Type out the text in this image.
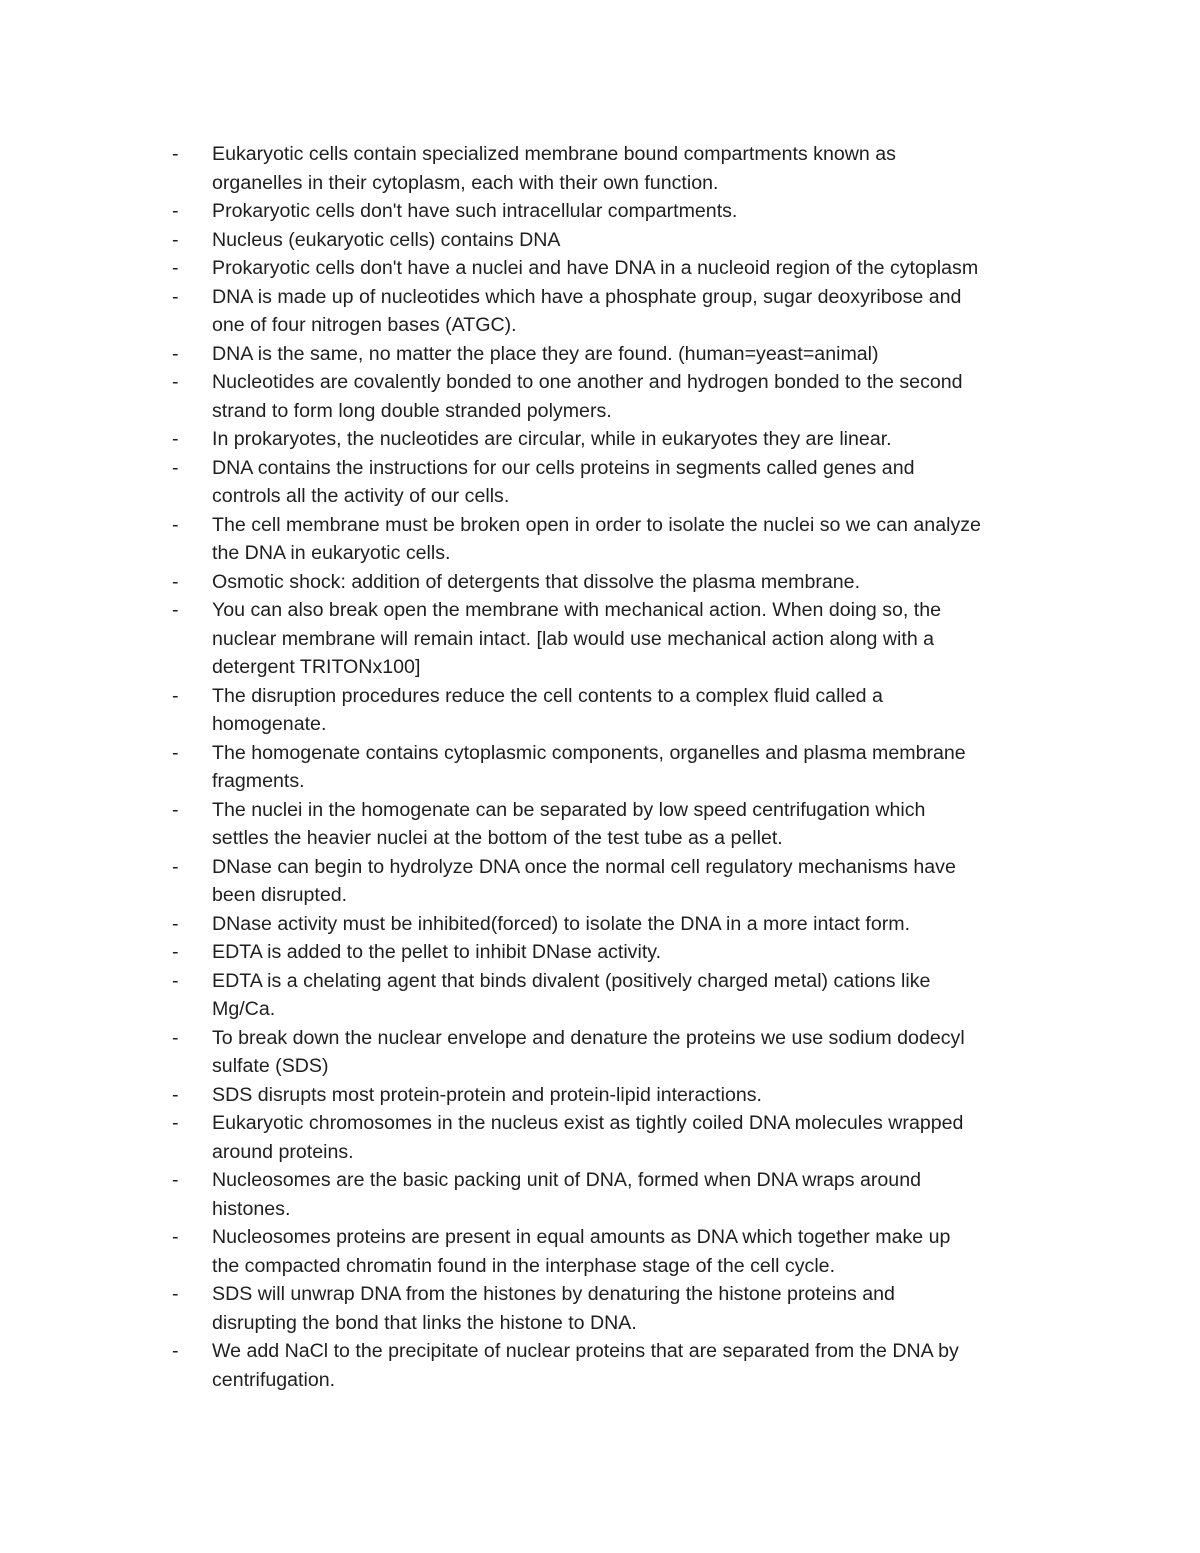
-	Eukaryotic cells contain specialized membrane bound compartments known as
organelles in their cytoplasm, each with their own function.
-	Prokaryotic cells don't have such intracellular compartments.
-	Nucleus (eukaryotic cells) contains DNA
-	Prokaryotic cells don't have a nuclei and have DNA in a nucleoid region of the cytoplasm
-	DNA is made up of nucleotides which have a phosphate group, sugar deoxyribose and
one of four nitrogen bases (ATGC).
-	DNA is the same, no matter the place they are found. (human=yeast=animal)
-	Nucleotides are covalently bonded to one another and hydrogen bonded to the second
strand to form long double stranded polymers.
-	In prokaryotes, the nucleotides are circular, while in eukaryotes they are linear.
-	DNA contains the instructions for our cells proteins in segments called genes and
controls all the activity of our cells.
-	The cell membrane must be broken open in order to isolate the nuclei so we can analyze
the DNA in eukaryotic cells.
-	Osmotic shock: addition of detergents that dissolve the plasma membrane.
-	You can also break open the membrane with mechanical action. When doing so, the
nuclear membrane will remain intact. [lab would use mechanical action along with a
detergent TRITONx100]
-	The disruption procedures reduce the cell contents to a complex fluid called a
homogenate.
-	The homogenate contains cytoplasmic components, organelles and plasma membrane
fragments.
-	The nuclei in the homogenate can be separated by low speed centrifugation which
settles the heavier nuclei at the bottom of the test tube as a pellet.
-	DNase can begin to hydrolyze DNA once the normal cell regulatory mechanisms have
been disrupted.
-	DNase activity must be inhibited(forced) to isolate the DNA in a more intact form.
-	EDTA is added to the pellet to inhibit DNase activity.
-	EDTA is a chelating agent that binds divalent (positively charged metal) cations like
Mg/Ca.
-	To break down the nuclear envelope and denature the proteins we use sodium dodecyl
sulfate (SDS)
-	SDS disrupts most protein-protein and protein-lipid interactions.
-	Eukaryotic chromosomes in the nucleus exist as tightly coiled DNA molecules wrapped
around proteins.
-	Nucleosomes are the basic packing unit of DNA, formed when DNA wraps around
histones.
-	Nucleosomes proteins are present in equal amounts as DNA which together make up
the compacted chromatin found in the interphase stage of the cell cycle.
-	SDS will unwrap DNA from the histones by denaturing the histone proteins and
disrupting the bond that links the histone to DNA.
-	We add NaCl to the precipitate of nuclear proteins that are separated from the DNA by
centrifugation.
